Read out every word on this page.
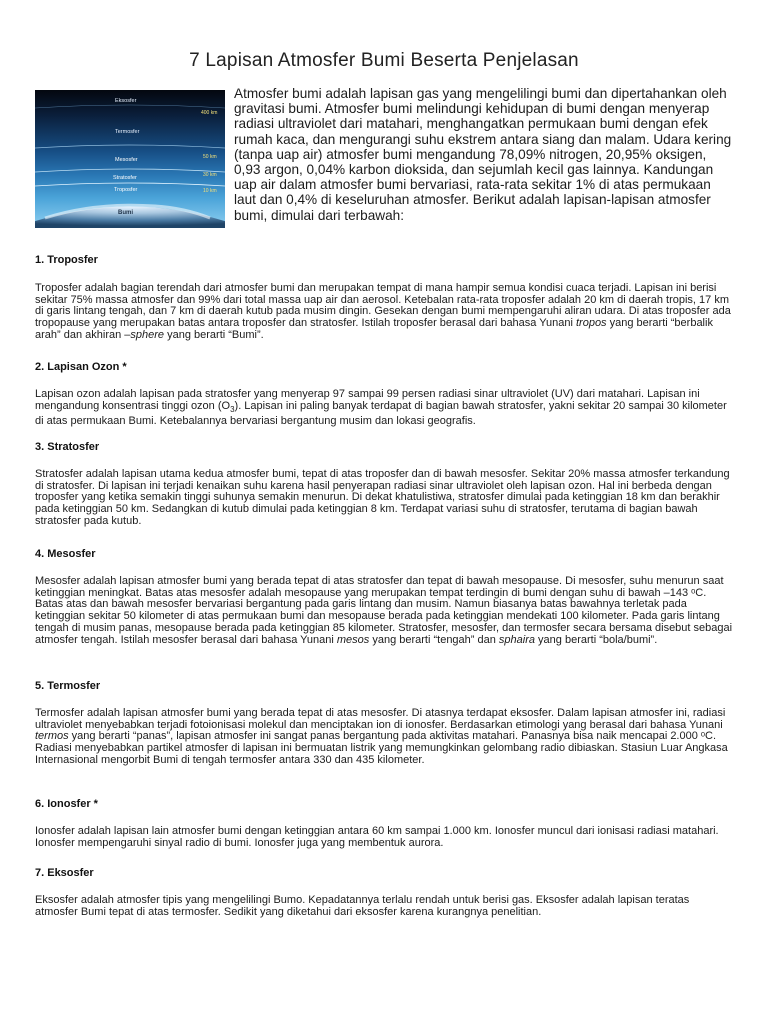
7 Lapisan Atmosfer Bumi Beserta Penjelasan
Eksosfer
Termosfer
Mesosfer
Stratosfer
Troposfer
Bumi
400 km
50 km
30 km
10 km
Atmosfer bumi adalah lapisan gas yang mengelilingi bumi dan dipertahankan oleh gravitasi bumi. Atmosfer bumi melindungi kehidupan di bumi dengan menyerap radiasi ultraviolet dari matahari, menghangatkan permukaan bumi dengan efek rumah kaca, dan mengurangi suhu ekstrem antara siang dan malam. Udara kering (tanpa uap air) atmosfer bumi mengandung 78,09% nitrogen, 20,95% oksigen, 0,93 argon, 0,04% karbon dioksida, dan sejumlah kecil gas lainnya. Kandungan uap air dalam atmosfer bumi bervariasi, rata-rata sekitar 1% di atas permukaan laut dan 0,4% di keseluruhan atmosfer. Berikut adalah lapisan-lapisan atmosfer bumi, dimulai dari terbawah:
1. Troposfer

Troposfer adalah bagian terendah dari atmosfer bumi dan merupakan tempat di mana hampir semua kondisi cuaca terjadi. Lapisan ini berisi sekitar 75% massa atmosfer dan 99% dari total massa uap air dan aerosol. Ketebalan rata-rata troposfer adalah 20 km di daerah tropis, 17 km di garis lintang tengah, dan 7 km di daerah kutub pada musim dingin. Gesekan dengan bumi mempengaruhi aliran udara. Di atas troposfer ada tropopause yang merupakan batas antara troposfer dan stratosfer. Istilah troposfer berasal dari bahasa Yunani tropos yang berarti “berbalik arah” dan akhiran –sphere yang berarti “Bumi”.

2. Lapisan Ozon *

Lapisan ozon adalah lapisan pada stratosfer yang menyerap 97 sampai 99 persen radiasi sinar ultraviolet (UV) dari matahari. Lapisan ini mengandung konsentrasi tinggi ozon $(O_3)$. Lapisan ini paling banyak terdapat di bagian bawah stratosfer, yakni sekitar 20 sampai 30 kilometer di atas permukaan Bumi. Ketebalannya bervariasi bergantung musim dan lokasi geografis.

3. Stratosfer

Stratosfer adalah lapisan utama kedua atmosfer bumi, tepat di atas troposfer dan di bawah mesosfer. Sekitar 20% massa atmosfer terkandung di stratosfer. Di lapisan ini terjadi kenaikan suhu karena hasil penyerapan radiasi sinar ultraviolet oleh lapisan ozon. Hal ini berbeda dengan troposfer yang ketika semakin tinggi suhunya semakin menurun. Di dekat khatulistiwa, stratosfer dimulai pada ketinggian 18 km dan berakhir pada ketinggian 50 km. Sedangkan di kutub dimulai pada ketinggian 8 km. Terdapat variasi suhu di stratosfer, terutama di bagian bawah stratosfer pada kutub.

4. Mesosfer

Mesosfer adalah lapisan atmosfer bumi yang berada tepat di atas stratosfer dan tepat di bawah mesopause. Di mesosfer, suhu menurun saat ketinggian meningkat. Batas atas mesosfer adalah mesopause yang merupakan tempat terdingin di bumi dengan suhu di bawah –143 ᵒC. Batas atas dan bawah mesosfer bervariasi bergantung pada garis lintang dan musim. Namun biasanya batas bawahnya terletak pada ketinggian sekitar 50 kilometer di atas permukaan bumi dan mesopause berada pada ketinggian mendekati 100 kilometer. Pada garis lintang tengah di musim panas, mesopause berada pada ketinggian 85 kilometer. Stratosfer, mesosfer, dan termosfer secara bersama disebut sebagai atmosfer tengah. Istilah mesosfer berasal dari bahasa Yunani mesos yang berarti “tengah” dan sphaira yang berarti “bola/bumi”.

5. Termosfer

Termosfer adalah lapisan atmosfer bumi yang berada tepat di atas mesosfer. Di atasnya terdapat eksosfer. Dalam lapisan atmosfer ini, radiasi ultraviolet menyebabkan terjadi fotoionisasi molekul dan menciptakan ion di ionosfer. Berdasarkan etimologi yang berasal dari bahasa Yunani termos yang berarti “panas”, lapisan atmosfer ini sangat panas bergantung pada aktivitas matahari. Panasnya bisa naik mencapai 2.000 ᵒC. Radiasi menyebabkan partikel atmosfer di lapisan ini bermuatan listrik yang memungkinkan gelombang radio dibiaskan. Stasiun Luar Angkasa Internasional mengorbit Bumi di tengah termosfer antara 330 dan 435 kilometer.

6. Ionosfer *

Ionosfer adalah lapisan lain atmosfer bumi dengan ketinggian antara 60 km sampai 1.000 km. Ionosfer muncul dari ionisasi radiasi matahari. Ionosfer mempengaruhi sinyal radio di bumi. Ionosfer juga yang membentuk aurora.

7. Eksosfer

Eksosfer adalah atmosfer tipis yang mengelilingi Bumo. Kepadatannya terlalu rendah untuk berisi gas. Eksosfer adalah lapisan teratas atmosfer Bumi tepat di atas termosfer. Sedikit yang diketahui dari eksosfer karena kurangnya penelitian.
